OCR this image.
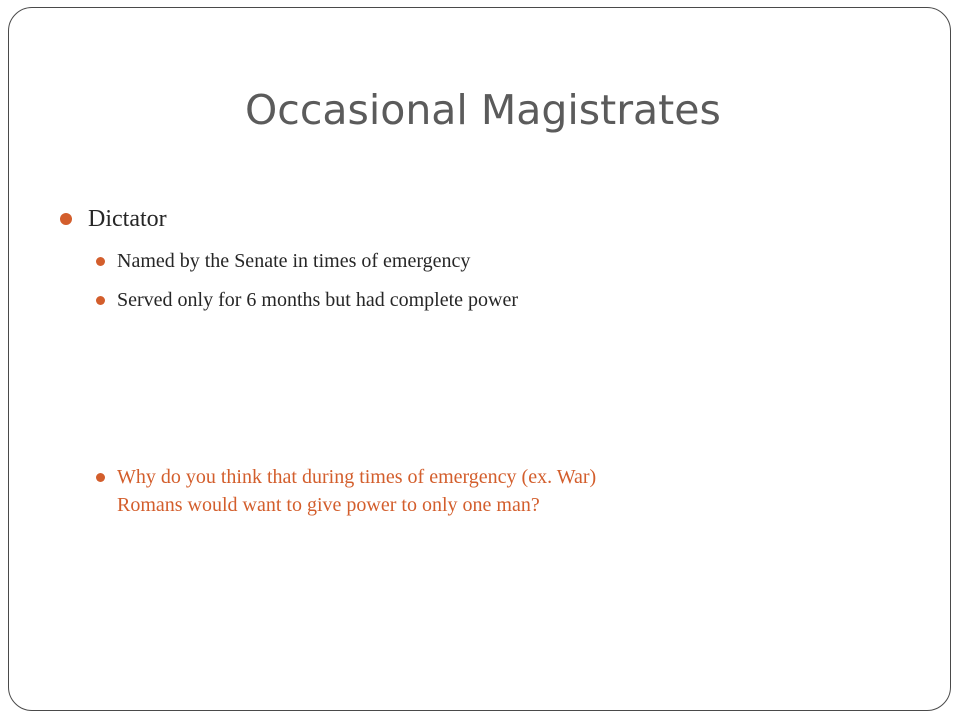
Occasional Magistrates
Dictator
Named by the Senate in times of emergency
Served only for 6 months but had complete power
Why do you think that during times of emergency (ex. War)
Romans would want to give power to only one man?
